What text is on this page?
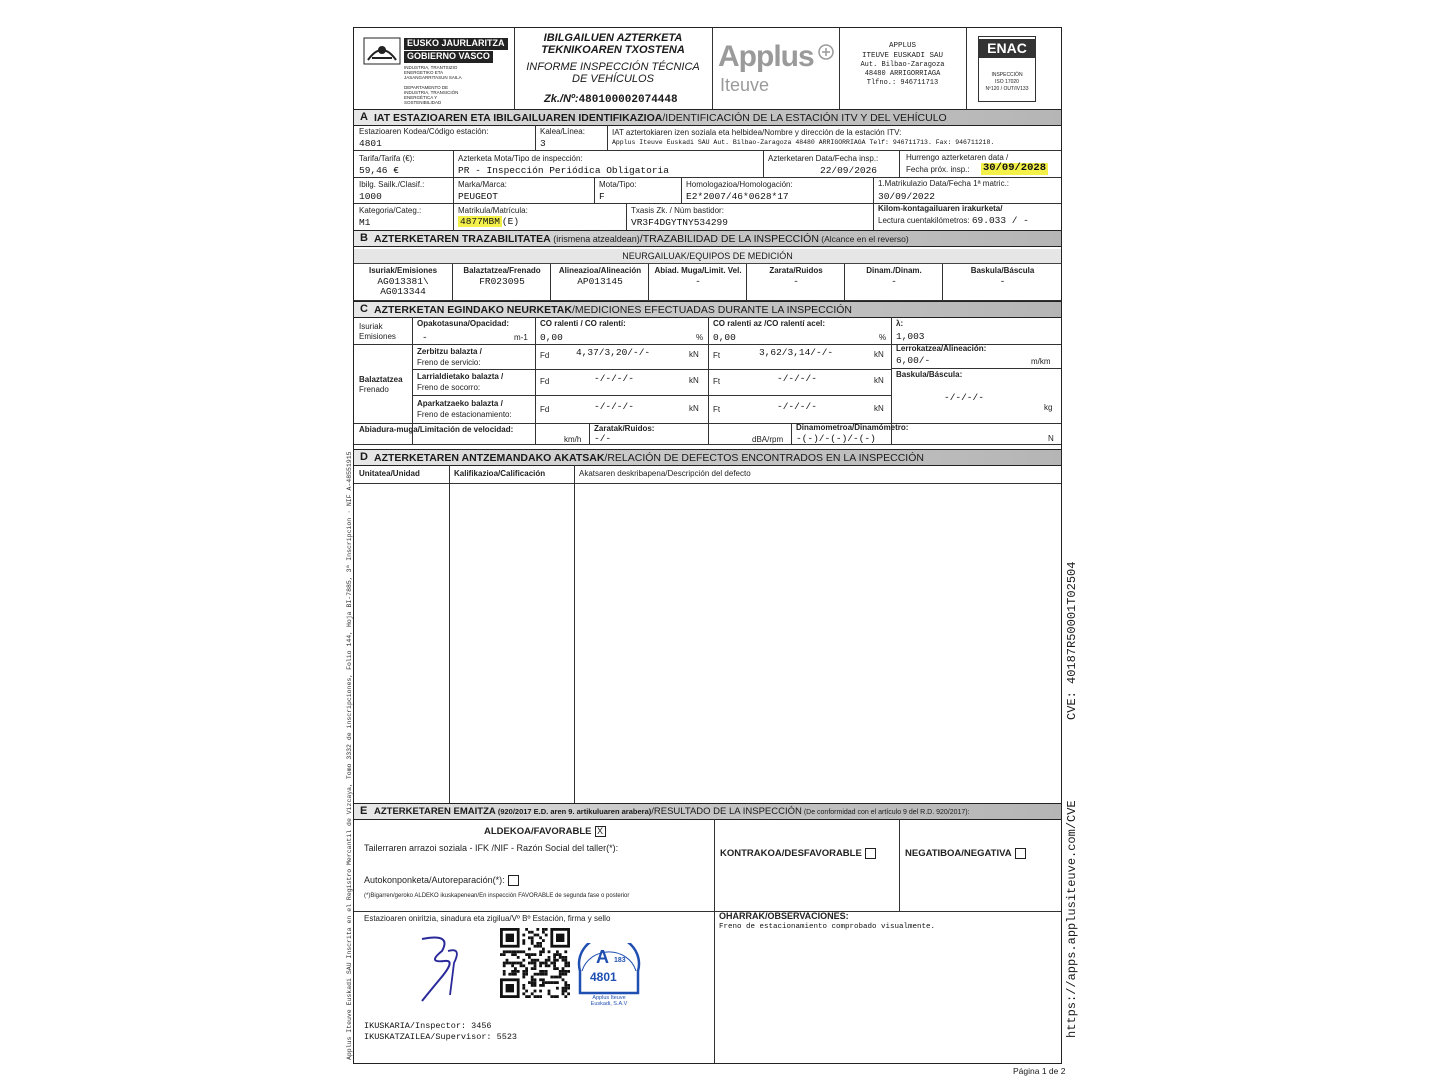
Applus Iteuve Euskadi SAU Inscrita en el Registro Mercantil de Vizcaya, Tomo 3332 de inscripciones, Folio 144, Hoja BI-7885, 3ª Inscripcion · NIF A-48551915	CVE: 40187R50001T02504
https://apps.applusiteuve.com/CVE
EUSKO JAURLARITZA
GOBIERNO VASCO
INDUSTRIA, TRANTSIZIO ENERGETIKO ETA JASANGARRITASUN SAILA
DEPARTAMENTO DE INDUSTRIA, TRANSICIÓN ENERGÉTICA Y SOSTENIBILIDAD
IBILGAILUEN AZTERKETA
TEKNIKOAREN TXOSTENA
INFORME INSPECCIÓN TÉCNICA
DE VEHÍCULOS
Zk./Nº:480100002074448
Applus
Iteuve
APPLUS
ITEUVE EUSKADI SAU
Aut. Bilbao-Zaragoza
48480 ARRIGORRIAGA
Tlfno.: 946711713
ENAC
INSPECCIÓN
ISO 17020
Nº120 / OUT/IV133
A IAT ESTAZIOAREN ETA IBILGAILUAREN IDENTIFIKAZIOA/IDENTIFICACIÓN DE LA ESTACIÓN ITV Y DEL VEHÍCULO
Estazioaren Kodea/Código estación:
4801
Kalea/Línea:
3
IAT aztertokiaren izen soziala eta helbidea/Nombre y dirección de la estación ITV:
Applus Iteuve Euskadi SAU Aut. Bilbao-Zaragoza 48480 ARRIGORRIAGA Telf: 946711713. Fax: 946711218.
Tarifa/Tarifa (€):
59,46 €
Azterketa Mota/Tipo de inspección:
PR - Inspección Periódica Obligatoria
Azterketaren Data/Fecha insp.:
22/09/2026
Hurrengo azterketaren data /
Fecha próx. insp.: 30/09/2028
Ibilg. Sailk./Clasif.:
1000
Marka/Marca:
PEUGEOT
Mota/Tipo:
F
Homologazioa/Homologación:
E2*2007/46*0628*17
1.Matrikulazio Data/Fecha 1ª matric.:
30/09/2022
Kategoria/Categ.:
M1
Matrikula/Matrícula:
4877MBM (E)
Txasis Zk. / Núm bastidor:
VR3F4DGYTNY534299
Kilom-kontagailuaren irakurketa/
Lectura cuentakilómetros: 69.033 / -
B AZTERKETAREN TRAZABILITATEA (irismena atzealdean)/TRAZABILIDAD DE LA INSPECCIÓN (Alcance en el reverso)
NEURGAILUAK/EQUIPOS DE MEDICIÓN
Isuriak/Emisiones
AG013381\
AG013344
Balaztatzea/Frenado
FR023095
Alineazioa/Alineación
AP013145
Abiad. Muga/Limit. Vel.
-
Zarata/Ruidos
-
Dinam./Dinam.
-
Baskula/Báscula
-
C AZTERKETAN EGINDAKO NEURKETAK/MEDICIONES EFECTUADAS DURANTE LA INSPECCIÓN
Isuriak
Emisiones
Opakotasuna/Opacidad:
-	m-1
CO ralenti / CO ralentí:
0,00	%
CO ralenti az /CO ralentí acel:
0,00	%
λ:
1,003
Balaztatzea
Frenado
Zerbitzu balazta /
Freno de servicio:
Fd	4,37/3,20/-/-	kN Ft	3,62/3,14/-/-	kN
Larrialdietako balazta /
Freno de socorro:
Fd	-/-/-/-	kN Ft	-/-/-/-	kN
Aparkatzaeko balazta /
Freno de estacionamiento:
Fd	-/-/-/-	kN Ft	-/-/-/-	kN
Lerrokatzea/Alineación:
6,00/-	m/km
Baskula/Báscula:
-/-/-/-
kg
Abiadura-muga/Limitación de velocidad:
km/h
Zaratak/Ruidos:
-/-	dBA/rpm
Dinamometroa/Dinamómetro:
-(-)/-(-)/-(-)	N
D AZTERKETAREN ANTZEMANDAKO AKATSAK/RELACIÓN DE DEFECTOS ENCONTRADOS EN LA INSPECCIÓN
Unitatea/Unidad	Kalifikazioa/Calificación	Akatsaren deskribapena/Descripción del defecto
E AZTERKETAREN EMAITZA (920/2017 E.D. aren 9. artikuluaren arabera)/RESULTADO DE LA INSPECCIÓN (De conformidad con el artículo 9 del R.D. 920/2017):
ALDEKOA/FAVORABLE X
Tailerraren arrazoi soziala - IFK /NIF - Razón Social del taller(*):
Autokonponketa/Autoreparación(*):
(*)Bigarren/geroko ALDEKO ikuskapenean/En inspección FAVORABLE de segunda fase o posterior
KONTRAKOA/DESFAVORABLE	NEGATIBOA/NEGATIVA
Estazioaren oniritzia, sinadura eta zigilua/Vº Bº Estación, firma y sello	OHARRAK/OBSERVACIONES:
Freno de estacionamiento comprobado visualmente.
A 183
4801
Applus Iteuve Euskadi, S.A.V
IKUSKARIA/Inspector: 3456
IKUSKATZAILEA/Supervisor: 5523
Página 1 de 2
